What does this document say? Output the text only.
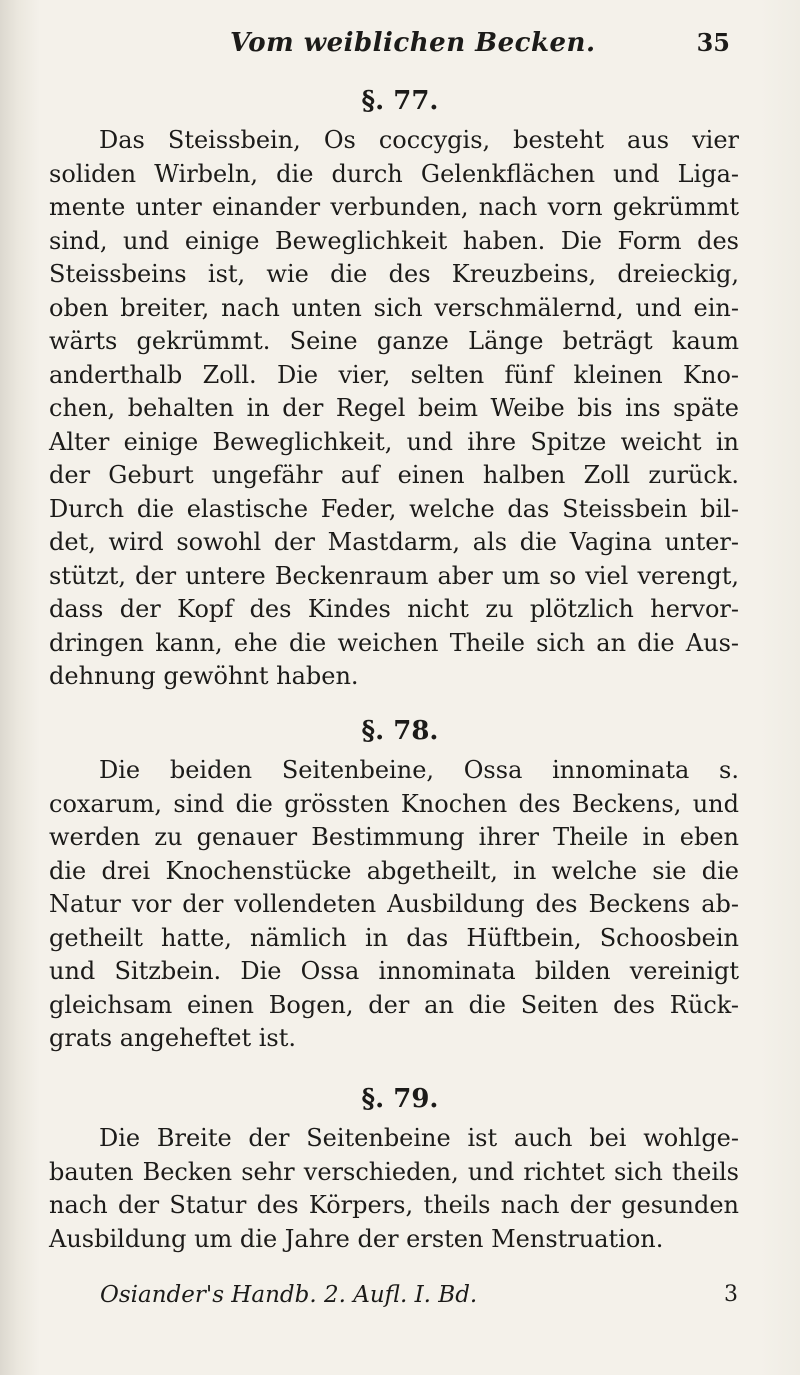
Vom weiblichen Becken.	35
§. 77.
Das Steissbein, Os coccygis, besteht aus vier
soliden Wirbeln, die durch Gelenkflächen und Liga-
mente unter einander verbunden, nach vorn gekrümmt
sind, und einige Beweglichkeit haben. Die Form des
Steissbeins ist, wie die des Kreuzbeins, dreieckig,
oben breiter, nach unten sich verschmälernd, und ein-
wärts gekrümmt. Seine ganze Länge beträgt kaum
anderthalb Zoll. Die vier, selten fünf kleinen Kno-
chen, behalten in der Regel beim Weibe bis ins späte
Alter einige Beweglichkeit, und ihre Spitze weicht in
der Geburt ungefähr auf einen halben Zoll zurück.
Durch die elastische Feder, welche das Steissbein bil-
det, wird sowohl der Mastdarm, als die Vagina unter-
stützt, der untere Beckenraum aber um so viel verengt,
dass der Kopf des Kindes nicht zu plötzlich hervor-
dringen kann, ehe die weichen Theile sich an die Aus-
dehnung gewöhnt haben.
§. 78.
Die beiden Seitenbeine, Ossa innominata s.
coxarum, sind die grössten Knochen des Beckens, und
werden zu genauer Bestimmung ihrer Theile in eben
die drei Knochenstücke abgetheilt, in welche sie die
Natur vor der vollendeten Ausbildung des Beckens ab-
getheilt hatte, nämlich in das Hüftbein, Schoosbein
und Sitzbein. Die Ossa innominata bilden vereinigt
gleichsam einen Bogen, der an die Seiten des Rück-
grats angeheftet ist.
§. 79.
Die Breite der Seitenbeine ist auch bei wohlge-
bauten Becken sehr verschieden, und richtet sich theils
nach der Statur des Körpers, theils nach der gesunden
Ausbildung um die Jahre der ersten Menstruation.
Osiander's Handb. 2. Aufl. I. Bd.	3
